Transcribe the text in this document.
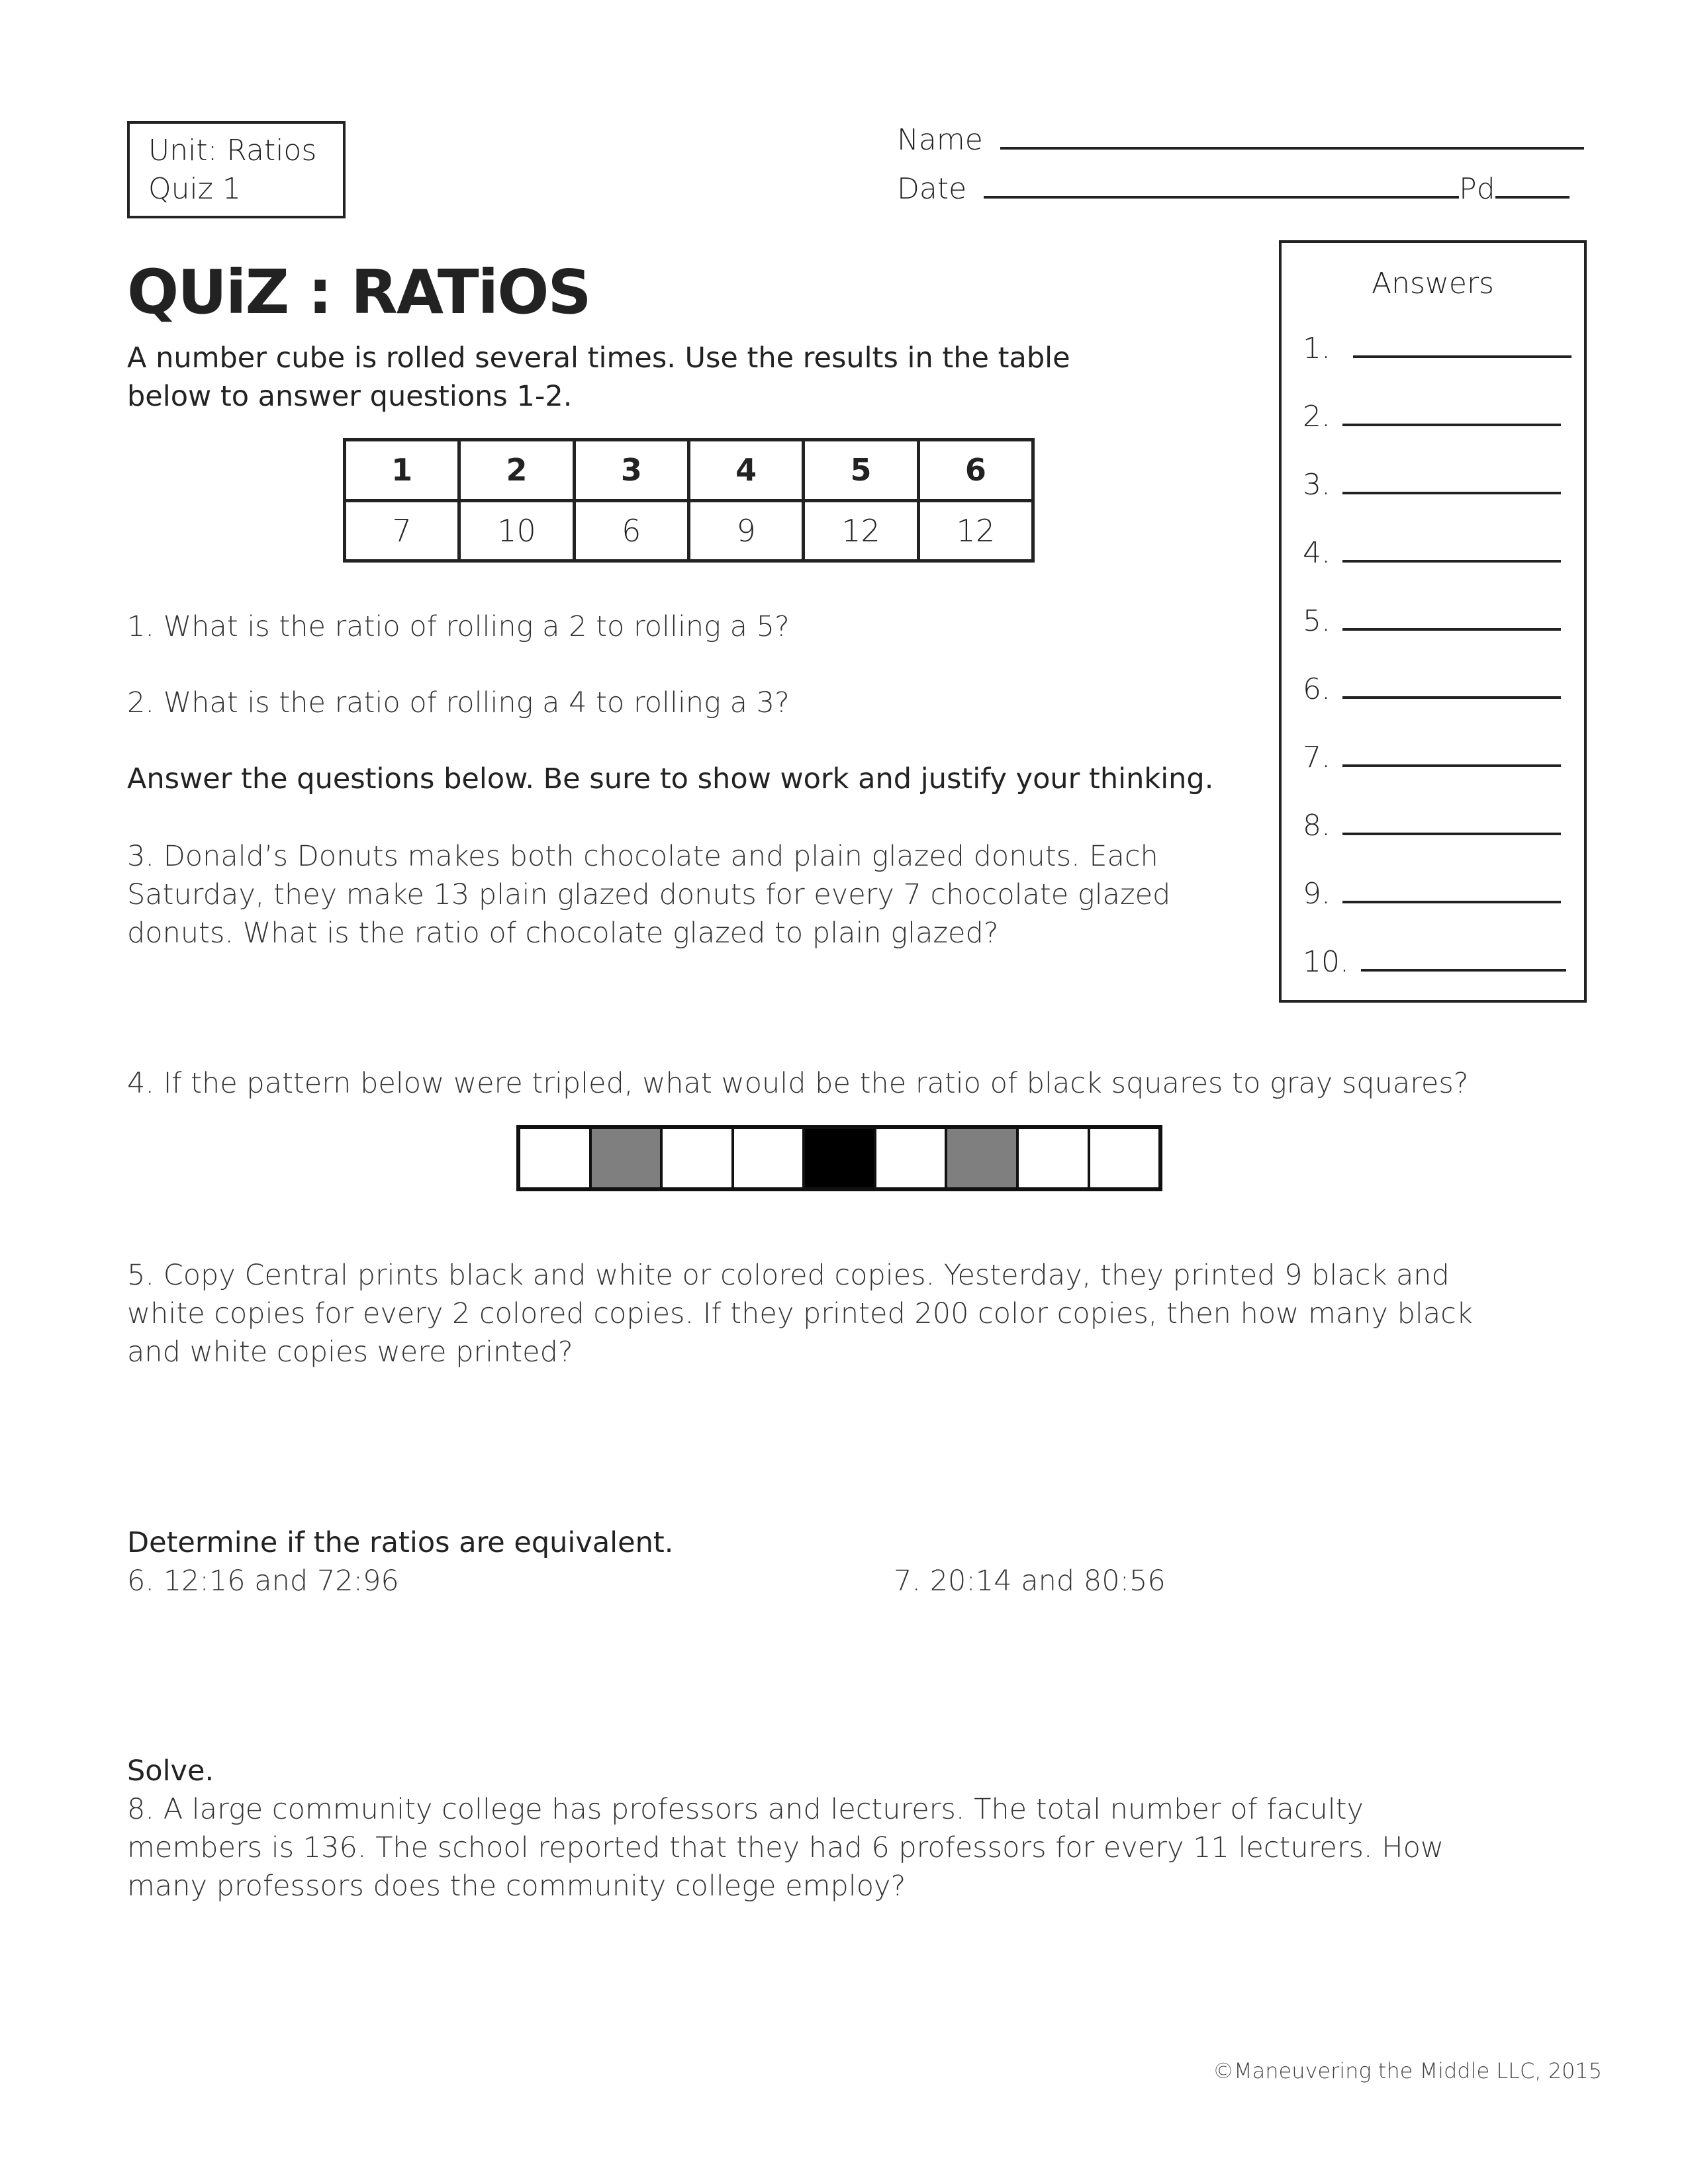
Unit: Ratios
Quiz 1
Name
Date	Pd
QUiZ : RATiOS
A number cube is rolled several times. Use the results in the table
below to answer questions 1-2.
1	2	3	4	5	6
7	10	6	9	12	12
1. What is the ratio of rolling a 2 to rolling a 5?
2. What is the ratio of rolling a 4 to rolling a 3?
Answer the questions below. Be sure to show work and justify your thinking.
3. Donald’s Donuts makes both chocolate and plain glazed donuts. Each
Saturday, they make 13 plain glazed donuts for every 7 chocolate glazed
donuts. What is the ratio of chocolate glazed to plain glazed?
Answers
1.
2.
3.
4.
5.
6.
7.
8.
9.
10.
4. If the pattern below were tripled, what would be the ratio of black squares to gray squares?
5. Copy Central prints black and white or colored copies. Yesterday, they printed 9 black and
white copies for every 2 colored copies. If they printed 200 color copies, then how many black
and white copies were printed?
Determine if the ratios are equivalent.
6. 12:16 and 72:96	7. 20:14 and 80:56
Solve.
8. A large community college has professors and lecturers. The total number of faculty
members is 136. The school reported that they had 6 professors for every 11 lecturers. How
many professors does the community college employ?
©Maneuvering the Middle LLC, 2015
